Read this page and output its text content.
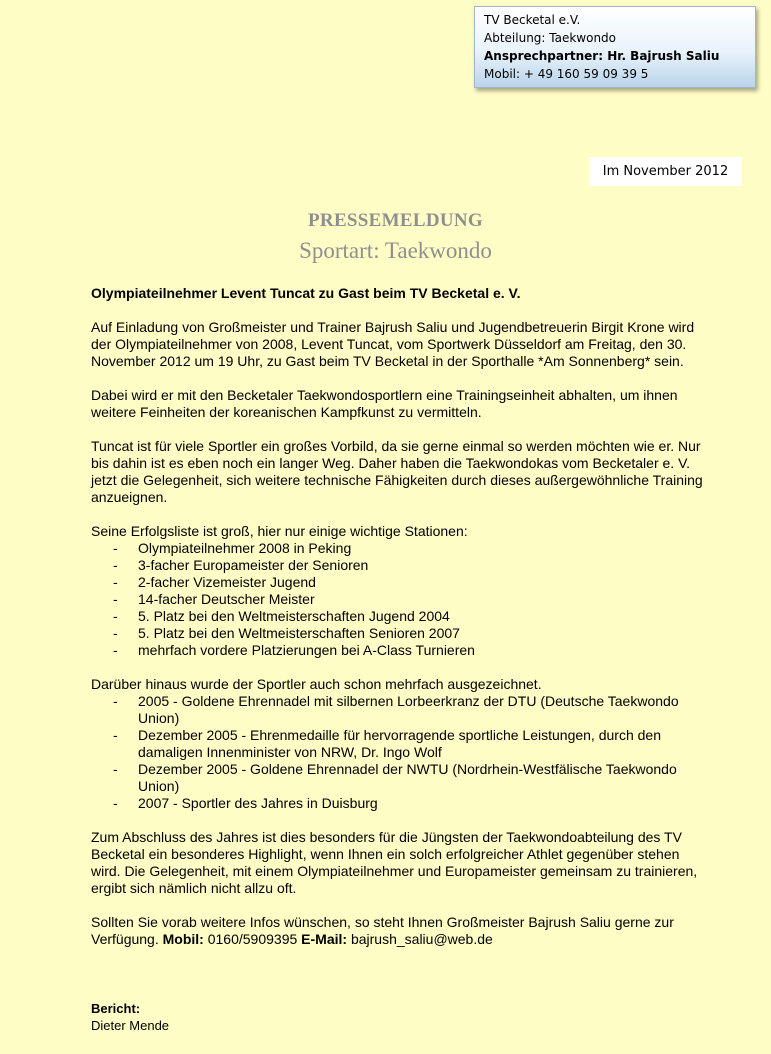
TV Becketal e.V.
Abteilung: Taekwondo
Ansprechpartner: Hr. Bajrush Saliu
Mobil: + 49 160 59 09 39 5
Im November 2012
PRESSEMELDUNG
Sportart: Taekwondo

Olympiateilnehmer Levent Tuncat zu Gast beim TV Becketal e. V.

Auf Einladung von Großmeister und Trainer Bajrush Saliu und Jugendbetreuerin Birgit Krone wird der Olympiateilnehmer von 2008, Levent Tuncat, vom Sportwerk Düsseldorf am Freitag, den 30. November 2012 um 19 Uhr, zu Gast beim TV Becketal in der Sporthalle *Am Sonnenberg* sein.

Dabei wird er mit den Becketaler Taekwondosportlern eine Trainingseinheit abhalten, um ihnen weitere Feinheiten der koreanischen Kampfkunst zu vermitteln.

Tuncat ist für viele Sportler ein großes Vorbild, da sie gerne einmal so werden möchten wie er. Nur bis dahin ist es eben noch ein langer Weg. Daher haben die Taekwondokas vom Becketaler e. V. jetzt die Gelegenheit, sich weitere technische Fähigkeiten durch dieses außergewöhnliche Training anzueignen.

Seine Erfolgsliste ist groß, hier nur einige wichtige Stationen:

- Olympiateilnehmer 2008 in Peking
- 3-facher Europameister der Senioren
- 2-facher Vizemeister Jugend
- 14-facher Deutscher Meister
- 5. Platz bei den Weltmeisterschaften Jugend 2004
- 5. Platz bei den Weltmeisterschaften Senioren 2007
- mehrfach vordere Platzierungen bei A-Class Turnieren

Darüber hinaus wurde der Sportler auch schon mehrfach ausgezeichnet.

- 2005 - Goldene Ehrennadel mit silbernen Lorbeerkranz der DTU (Deutsche Taekwondo Union)
- Dezember 2005 - Ehrenmedaille für hervorragende sportliche Leistungen, durch den damaligen Innenminister von NRW, Dr. Ingo Wolf
- Dezember 2005 - Goldene Ehrennadel der NWTU (Nordrhein-Westfälische Taekwondo Union)
- 2007 - Sportler des Jahres in Duisburg

Zum Abschluss des Jahres ist dies besonders für die Jüngsten der Taekwondoabteilung des TV Becketal ein besonderes Highlight, wenn Ihnen ein solch erfolgreicher Athlet gegenüber stehen wird. Die Gelegenheit, mit einem Olympiateilnehmer und Europameister gemeinsam zu trainieren, ergibt sich nämlich nicht allzu oft.

Sollten Sie vorab weitere Infos wünschen, so steht Ihnen Großmeister Bajrush Saliu gerne zur Verfügung. Mobil: 0160/5909395 E-Mail: bajrush_saliu@web.de

Bericht:
Dieter Mende
